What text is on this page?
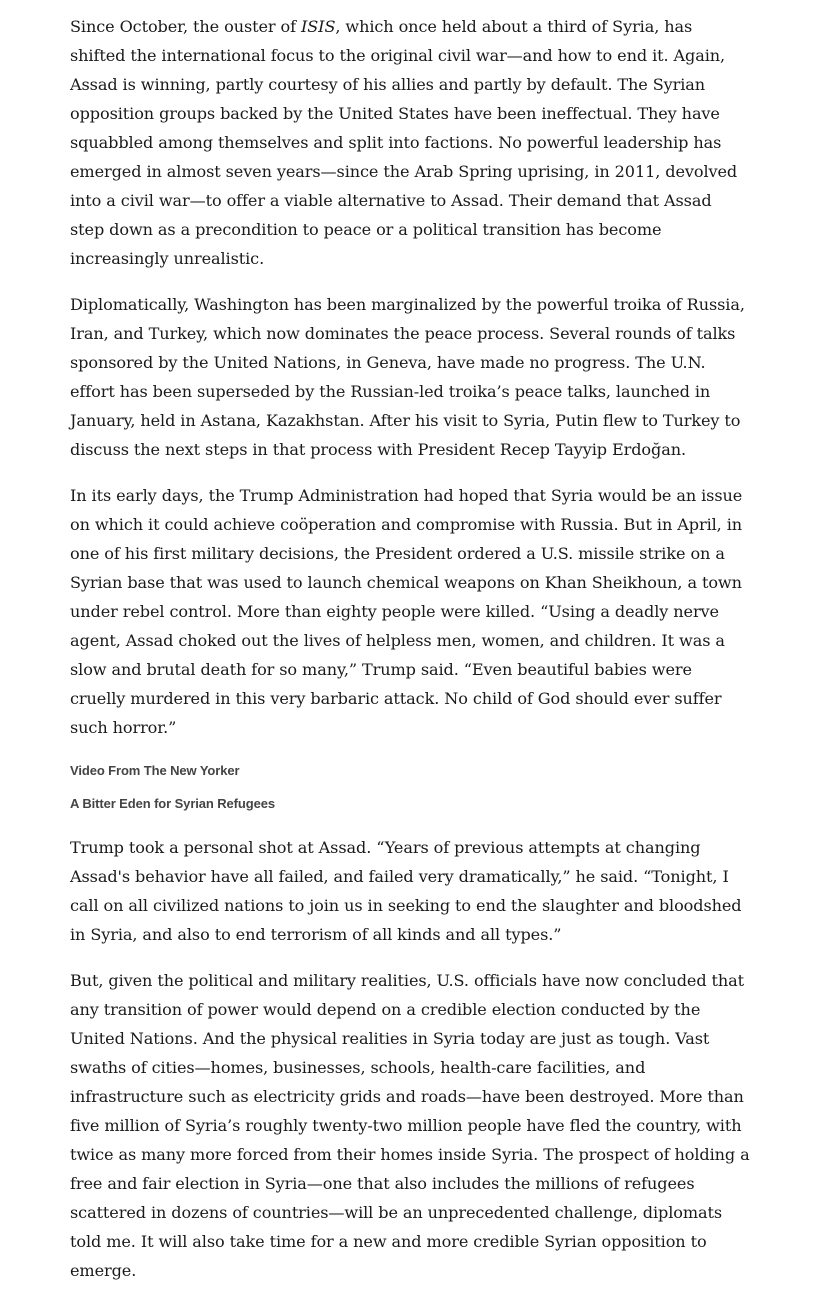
Since October, the ouster of ISIS, which once held about a third of Syria, has shifted the international focus to the original civil war—and how to end it. Again, Assad is winning, partly courtesy of his allies and partly by default. The Syrian opposition groups backed by the United States have been ineffectual. They have squabbled among themselves and split into factions. No powerful leadership has emerged in almost seven years—since the Arab Spring uprising, in 2011, devolved into a civil war—to offer a viable alternative to Assad. Their demand that Assad step down as a precondition to peace or a political transition has become increasingly unrealistic.

Diplomatically, Washington has been marginalized by the powerful troika of Russia, Iran, and Turkey, which now dominates the peace process. Several rounds of talks sponsored by the United Nations, in Geneva, have made no progress. The U.N. effort has been superseded by the Russian-led troika’s peace talks, launched in January, held in Astana, Kazakhstan. After his visit to Syria, Putin flew to Turkey to discuss the next steps in that process with President Recep Tayyip Erdoğan.

In its early days, the Trump Administration had hoped that Syria would be an issue on which it could achieve coöperation and compromise with Russia. But in April, in one of his first military decisions, the President ordered a U.S. missile strike on a Syrian base that was used to launch chemical weapons on Khan Sheikhoun, a town under rebel control. More than eighty people were killed. “Using a deadly nerve agent, Assad choked out the lives of helpless men, women, and children. It was a slow and brutal death for so many,” Trump said. “Even beautiful babies were cruelly murdered in this very barbaric attack. No child of God should ever suffer such horror.”

Video From The New Yorker
A Bitter Eden for Syrian Refugees

Trump took a personal shot at Assad. “Years of previous attempts at changing Assad's behavior have all failed, and failed very dramatically,” he said. “Tonight, I call on all civilized nations to join us in seeking to end the slaughter and bloodshed in Syria, and also to end terrorism of all kinds and all types.”

But, given the political and military realities, U.S. officials have now concluded that any transition of power would depend on a credible election conducted by the United Nations. And the physical realities in Syria today are just as tough. Vast swaths of cities—homes, businesses, schools, health-care facilities, and infrastructure such as electricity grids and roads—have been destroyed. More than five million of Syria’s roughly twenty-two million people have fled the country, with twice as many more forced from their homes inside Syria. The prospect of holding a free and fair election in Syria—one that also includes the millions of refugees scattered in dozens of countries—will be an unprecedented challenge, diplomats told me. It will also take time for a new and more credible Syrian opposition to emerge.
